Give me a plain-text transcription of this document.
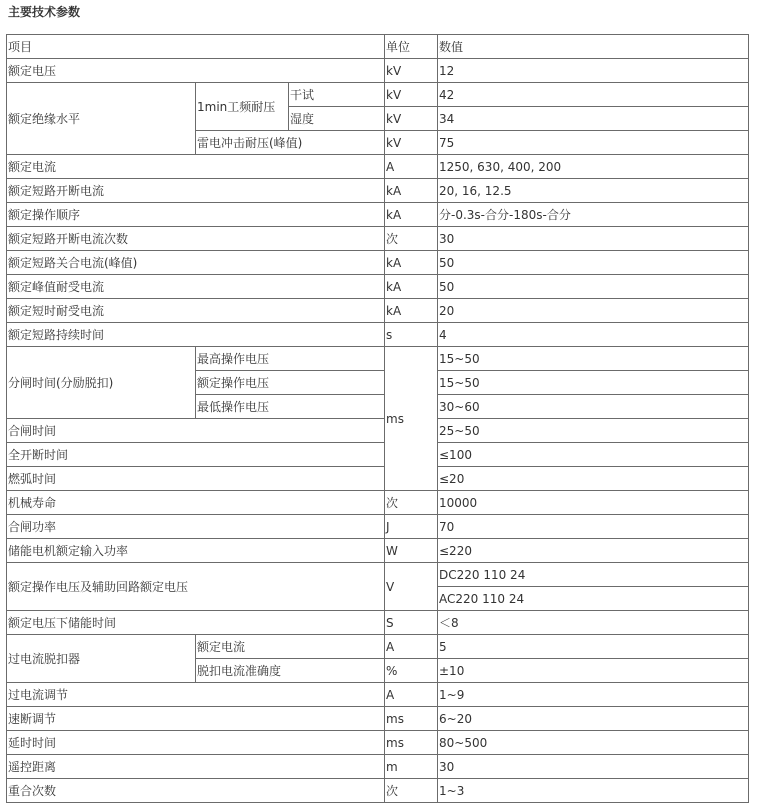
主要技术参数
项目			单位	数值
额定电压			kV	12
额定绝缘水平	1min工频耐压	干试	kV	42
		湿度	kV	34
	雷电冲击耐压(峰值)		kV	75
额定电流			A	1250, 630, 400, 200
额定短路开断电流			kA	20, 16, 12.5
额定操作顺序			kA	分-0.3s-合分-180s-合分
额定短路开断电流次数			次	30
额定短路关合电流(峰值)			kA	50
额定峰值耐受电流			kA	50
额定短时耐受电流			kA	20
额定短路持续时间			s	4
分闸时间(分励脱扣)	最高操作电压		ms	15~50
	额定操作电压			15~50
	最低操作电压			30~60
合闸时间				25~50
全开断时间				≤100
燃弧时间				≤20
机械寿命			次	10000
合闸功率			J	70
储能电机额定输入功率			W	≤220
额定操作电压及辅助回路额定电压			V	DC220 110 24
				AC220 110 24
额定电压下储能时间			S	＜8
过电流脱扣器	额定电流		A	5
	脱扣电流准确度		%	±10
过电流调节			A	1~9
速断调节			ms	6~20
延时时间			ms	80~500
遥控距离			m	30
重合次数			次	1~3
